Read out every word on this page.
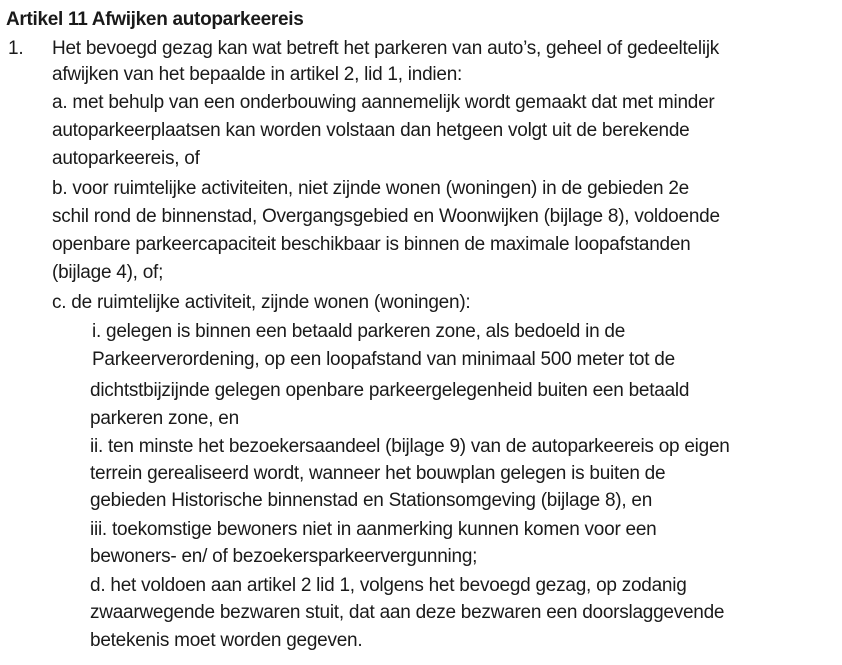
Artikel 11 Afwijken autoparkeereis
1. Het bevoegd gezag kan wat betreft het parkeren van auto’s, geheel of gedeeltelijk
afwijken van het bepaalde in artikel 2, lid 1, indien:
a. met behulp van een onderbouwing aannemelijk wordt gemaakt dat met minder
autoparkeerplaatsen kan worden volstaan dan hetgeen volgt uit de berekende
autoparkeereis, of
b. voor ruimtelijke activiteiten, niet zijnde wonen (woningen) in de gebieden 2e
schil rond de binnenstad, Overgangsgebied en Woonwijken (bijlage 8), voldoende
openbare parkeercapaciteit beschikbaar is binnen de maximale loopafstanden
(bijlage 4), of;
c. de ruimtelijke activiteit, zijnde wonen (woningen):
i. gelegen is binnen een betaald parkeren zone, als bedoeld in de
Parkeerverordening, op een loopafstand van minimaal 500 meter tot de
dichtstbijzijnde gelegen openbare parkeergelegenheid buiten een betaald
parkeren zone, en
ii. ten minste het bezoekersaandeel (bijlage 9) van de autoparkeereis op eigen
terrein gerealiseerd wordt, wanneer het bouwplan gelegen is buiten de
gebieden Historische binnenstad en Stationsomgeving (bijlage 8), en
iii. toekomstige bewoners niet in aanmerking kunnen komen voor een
bewoners- en/ of bezoekersparkeervergunning;
d. het voldoen aan artikel 2 lid 1, volgens het bevoegd gezag, op zodanig
zwaarwegende bezwaren stuit, dat aan deze bezwaren een doorslaggevende
betekenis moet worden gegeven.
